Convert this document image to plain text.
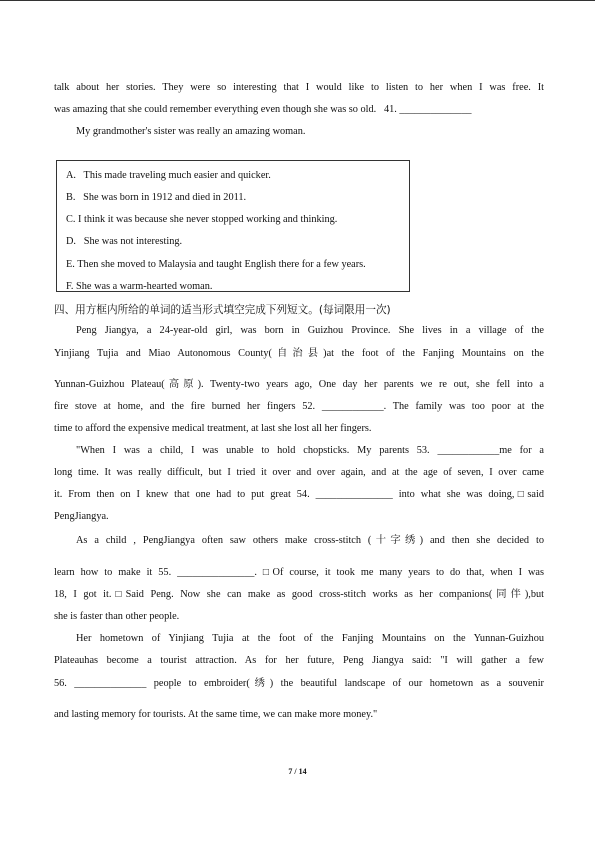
talk about her stories. They were so interesting that I would like to listen to her when I was free. It
was amazing that she could remember everything even though she was so old.   41. ______________
My grandmother's sister was really an amazing woman.
A.   This made traveling much easier and quicker.
B.   She was born in 1912 and died in 2011.
C. I think it was because she never stopped working and thinking.
D.   She was not interesting.
E. Then she moved to Malaysia and taught English there for a few years.
F. She was a warm-hearted woman.
四、用方框内所给的单词的适当形式填空完成下列短文。(每词限用一次)
Peng Jiangya, a 24-year-old girl, was born in Guizhou Province. She lives in a village of the
Yinjiang Tujia and Miao Autonomous County(自治县)at the foot of the Fanjing Mountains on the
Yunnan-Guizhou Plateau(高原). Twenty-two years ago, One day her parents we re out, she fell into a
fire stove at home, and the fire burned her fingers 52. ____________. The family was too poor at the
time to afford the expensive medical treatment, at last she lost all her fingers.
"When I was a child, I was unable to hold chopsticks. My parents 53. ____________me for a
long time. It was really difficult, but I tried it over and over again, and at the age of seven, I over came
it. From then on I knew that one had to put great 54. _______________ into what she was doing,□said
PengJiangya.
As a child , PengJiangya often saw others make cross-stitch (十字绣) and then she decided to
learn how to make it 55. _______________. □Of course, it took me many years to do that, when I was
18, I got it.□Said Peng. Now she can make as good cross-stitch works as her companions(同伴),but
she is faster than other people.
Her hometown of Yinjiang Tujia at the foot of the Fanjing Mountains on the Yunnan-Guizhou
Plateauhas become a tourist attraction. As for her future, Peng Jiangya said: "I will gather a few
56. ______________ people to embroider(绣) the beautiful landscape of our hometown as a souvenir
and lasting memory for tourists. At the same time, we can make more money."
7 / 14
